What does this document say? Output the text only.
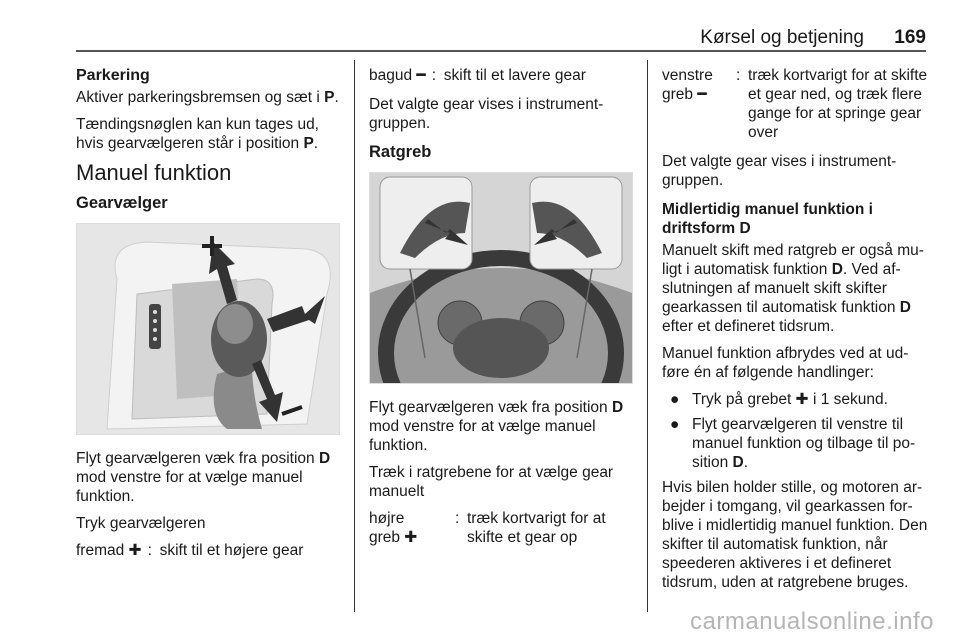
Kørsel og betjening 169
Parkering

Aktiver parkeringsbremsen og sæt i P.

Tændingsnøglen kan kun tages ud, hvis gearvælgeren står i position P.

Manuel funktion
Gearvælger

Flyt gearvælgeren væk fra position D mod venstre for at vælge manuel funktion.

Tryk gearvælgeren

fremad ✚ : skift til et højere gear
bagud ━ : skift til et lavere gear

Det valgte gear vises i instrument-gruppen.

Ratgreb

Flyt gearvælgeren væk fra position D mod venstre for at vælge manuel funktion.

Træk i ratgrebene for at vælge gear manuelt

højre
greb ✚
: træk kortvarigt for at skifte et gear op
venstre
greb ━
: træk kortvarigt for at skifte et gear ned, og træk flere gange for at springe gear over

Det valgte gear vises i instrument-gruppen.

Midlertidig manuel funktion i driftsform D

Manuelt skift med ratgreb er også mu-ligt i automatisk funktion D. Ved af-slutningen af manuelt skift skifter gearkassen til automatisk funktion D efter et defineret tidsrum.

Manuel funktion afbrydes ved at ud-føre én af følgende handlinger:

● Tryk på grebet ✚ i 1 sekund.
● Flyt gearvælgeren til venstre til manuel funktion og tilbage til po-sition D.

Hvis bilen holder stille, og motoren ar-bejder i tomgang, vil gearkassen for-blive i midlertidig manuel funktion. Den skifter til automatisk funktion, når speederen aktiveres i et defineret tidsrum, uden at ratgrebene bruges.

carmanualsonline.info
